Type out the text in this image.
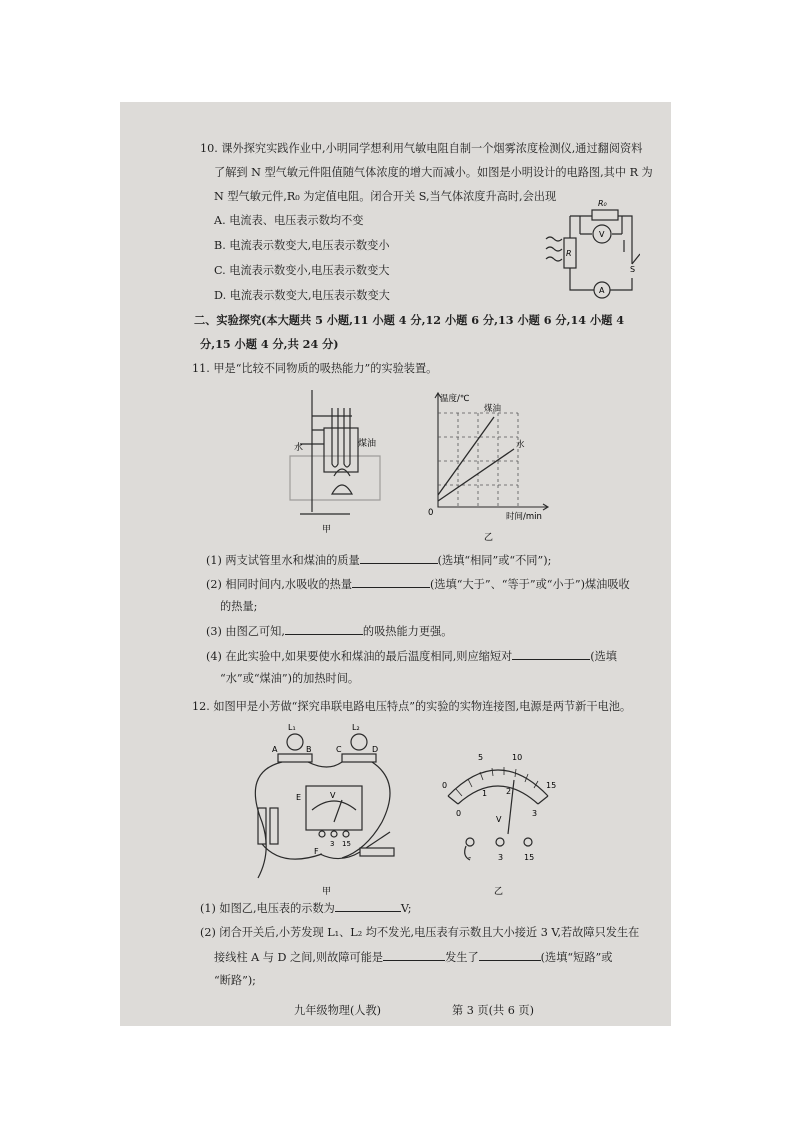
10. 课外探究实践作业中,小明同学想利用气敏电阻自制一个烟雾浓度检测仪,通过翻阅资料
了解到 N 型气敏元件阻值随气体浓度的增大而减小。如图是小明设计的电路图,其中 R 为
N 型气敏元件,R₀ 为定值电阻。闭合开关 S,当气体浓度升高时,会出现
A. 电流表、电压表示数均不变
B. 电流表示数变大,电压表示数变小
C. 电流表示数变小,电压表示数变大
D. 电流表示数变大,电压表示数变大
R₀
V
R
A
S
二、实验探究(本大题共 5 小题,11 小题 4 分,12 小题 6 分,13 小题 6 分,14 小题 4
分,15 小题 4 分,共 24 分)
11. 甲是“比较不同物质的吸热能力”的实验装置。
水	煤油
甲
温度/℃
时间/min
0
煤油
水
乙
(1) 两支试管里水和煤油的质量	(选填“相同”或“不同”);
(2) 相同时间内,水吸收的热量	(选填“大于”、“等于”或“小于”)煤油吸收
的热量;
(3) 由图乙可知,	的吸热能力更强。
(4) 在此实验中,如果要使水和煤油的最后温度相同,则应缩短对	(选填
“水”或“煤油”)的加热时间。
12. 如图甲是小芳做“探究串联电路电压特点”的实验的实物连接图,电源是两节新干电池。
L₁	L₂
A	B	C	D
E
F
V
3 15
甲
0
5	10
15
0
1 2
3
V
-	3	15
乙
(1) 如图乙,电压表的示数为	V;
(2) 闭合开关后,小芳发现 L₁、L₂ 均不发光,电压表有示数且大小接近 3 V,若故障只发生在
接线柱 A 与 D 之间,则故障可能是	发生了	(选填“短路”或
“断路”);
九年级物理(人教)	第 3 页(共 6 页)
